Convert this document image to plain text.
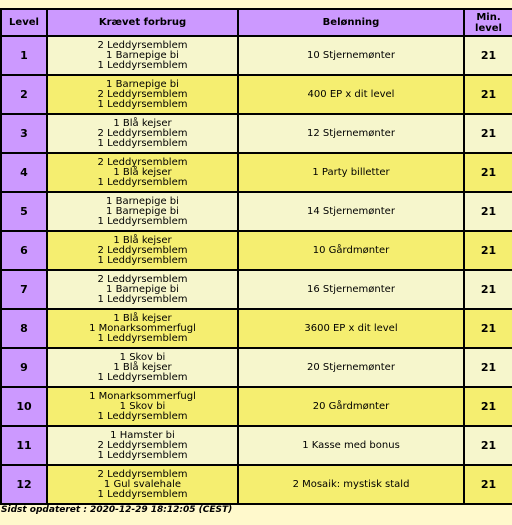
Level	Krævet forbrug	Belønning	Min. level
1	2 Leddyrsemblem
1 Barnepige bi
1 Leddyrsemblem	10 Stjernemønter	21
2	1 Barnepige bi
2 Leddyrsemblem
1 Leddyrsemblem	400 EP x dit level	21
3	1 Blå kejser
2 Leddyrsemblem
1 Leddyrsemblem	12 Stjernemønter	21
4	2 Leddyrsemblem
1 Blå kejser
1 Leddyrsemblem	1 Party billetter	21
5	1 Barnepige bi
1 Barnepige bi
1 Leddyrsemblem	14 Stjernemønter	21
6	1 Blå kejser
2 Leddyrsemblem
1 Leddyrsemblem	10 Gårdmønter	21
7	2 Leddyrsemblem
1 Barnepige bi
1 Leddyrsemblem	16 Stjernemønter	21
8	1 Blå kejser
1 Monarksommerfugl
1 Leddyrsemblem	3600 EP x dit level	21
9	1 Skov bi
1 Blå kejser
1 Leddyrsemblem	20 Stjernemønter	21
10	1 Monarksommerfugl
1 Skov bi
1 Leddyrsemblem	20 Gårdmønter	21
11	1 Hamster bi
2 Leddyrsemblem
1 Leddyrsemblem	1 Kasse med bonus	21
12	2 Leddyrsemblem
1 Gul svalehale
1 Leddyrsemblem	2 Mosaik: mystisk stald	21
Sidst opdateret : 2020-12-29 18:12:05 (CEST)
